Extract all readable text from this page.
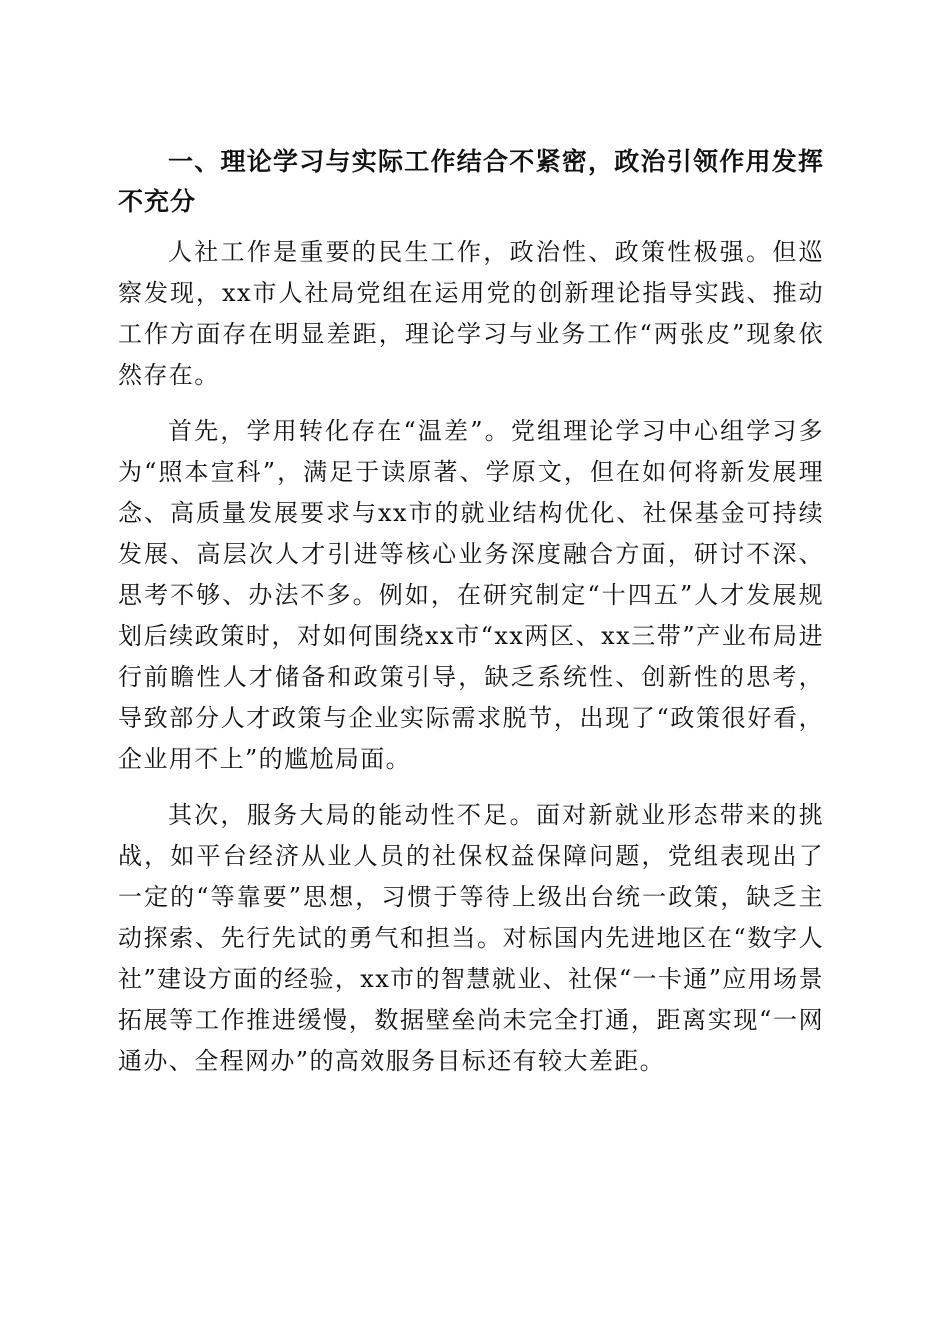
一、理论学习与实际工作结合不紧密，政治引领作用发挥不充分

人社工作是重要的民生工作，政治性、政策性极强。但巡察发现，xx市人社局党组在运用党的创新理论指导实践、推动工作方面存在明显差距，理论学习与业务工作“两张皮”现象依然存在。

首先，学用转化存在“温差”。党组理论学习中心组学习多为“照本宣科”，满足于读原著、学原文，但在如何将新发展理念、高质量发展要求与xx市的就业结构优化、社保基金可持续发展、高层次人才引进等核心业务深度融合方面，研讨不深、思考不够、办法不多。例如，在研究制定“十四五”人才发展规划后续政策时，对如何围绕xx市“xx两区、xx三带”产业布局进行前瞻性人才储备和政策引导，缺乏系统性、创新性的思考，导致部分人才政策与企业实际需求脱节，出现了“政策很好看，企业用不上”的尴尬局面。

其次，服务大局的能动性不足。面对新就业形态带来的挑战，如平台经济从业人员的社保权益保障问题，党组表现出了一定的“等靠要”思想，习惯于等待上级出台统一政策，缺乏主动探索、先行先试的勇气和担当。对标国内先进地区在“数字人社”建设方面的经验，xx市的智慧就业、社保“一卡通”应用场景拓展等工作推进缓慢，数据壁垒尚未完全打通，距离实现“一网通办、全程网办”的高效服务目标还有较大差距。
